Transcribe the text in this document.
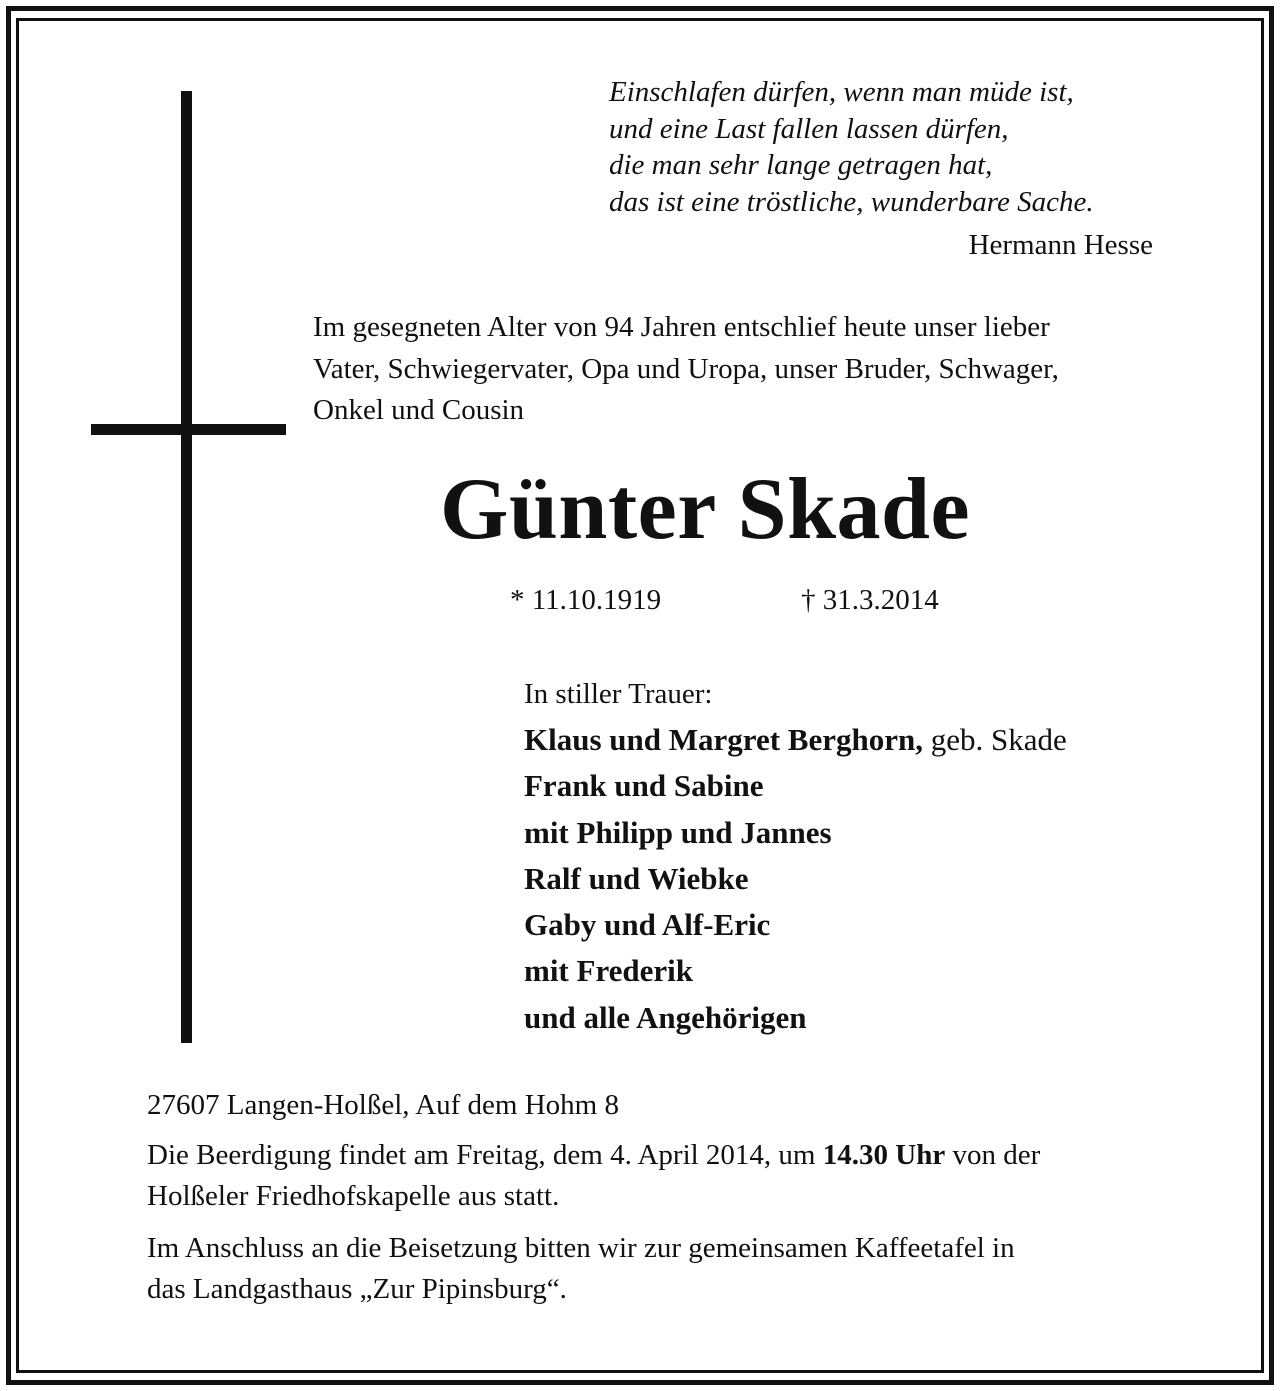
Einschlafen dürfen, wenn man müde ist,
und eine Last fallen lassen dürfen,
die man sehr lange getragen hat,
das ist eine tröstliche, wunderbare Sache.
Hermann Hesse
Im gesegneten Alter von 94 Jahren entschlief heute unser lieber
Vater, Schwiegervater, Opa und Uropa, unser Bruder, Schwager,
Onkel und Cousin
Günter Skade
* 11.10.1919	† 31.3.2014
In stiller Trauer:
Klaus und Margret Berghorn, geb. Skade
Frank und Sabine
mit Philipp und Jannes
Ralf und Wiebke
Gaby und Alf-Eric
mit Frederik
und alle Angehörigen
27607 Langen-Holßel, Auf dem Hohm 8
Die Beerdigung findet am Freitag, dem 4. April 2014, um 14.30 Uhr von der
Holßeler Friedhofskapelle aus statt.
Im Anschluss an die Beisetzung bitten wir zur gemeinsamen Kaffeetafel in
das Landgasthaus „Zur Pipinsburg“.
